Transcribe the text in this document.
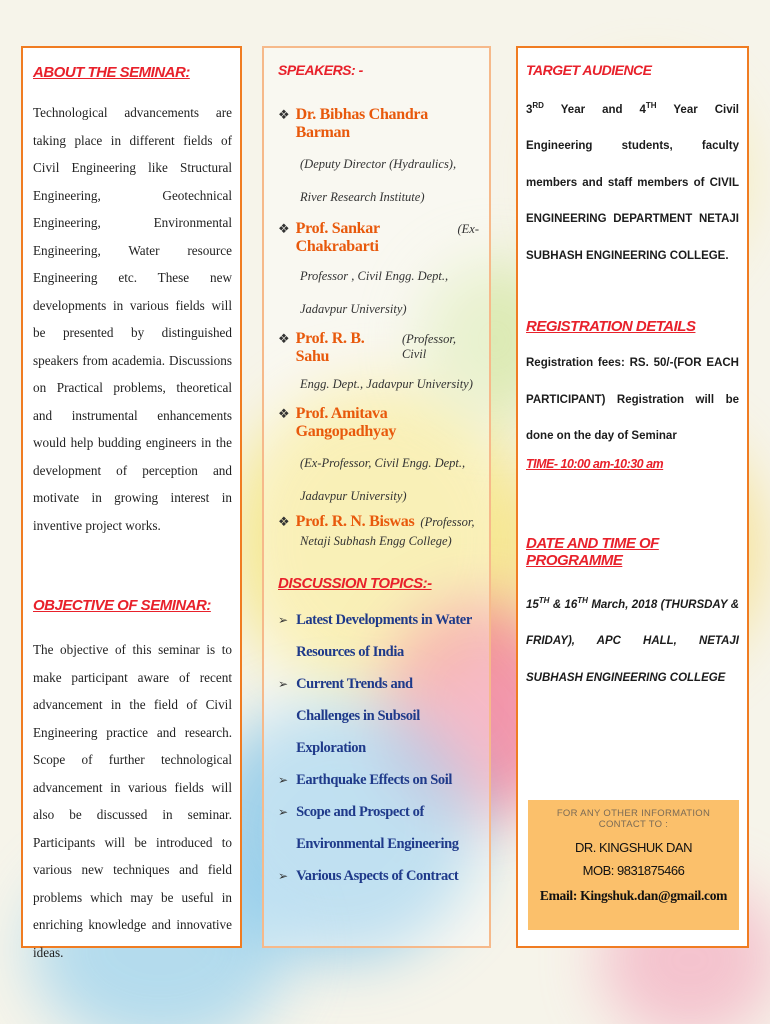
ABOUT THE SEMINAR:

Technological advancements are taking place in different fields of Civil Engineering like Structural Engineering, Geotechnical Engineering, Environmental Engineering, Water resource Engineering etc. These new developments in various fields will be presented by distinguished speakers from academia. Discussions on Practical problems, theoretical and instrumental enhancements would help budding engineers in the development of perception and motivate in growing interest in inventive project works.

OBJECTIVE OF SEMINAR:

The objective of this seminar is to make participant aware of recent advancement in the field of Civil Engineering practice and research. Scope of further technological advancement in various fields will also be discussed in seminar. Participants will be introduced to various new techniques and field problems which may be useful in enriching knowledge and innovative ideas.

SPEAKERS: -
❖ Dr. Bibhas Chandra Barman

(Deputy Director (Hydraulics), River Research Institute)

❖ Prof. Sankar Chakrabarti
(Ex-

Professor , Civil Engg. Dept., Jadavpur University)

❖ Prof. R. B. Sahu
(Professor, Civil

Engg. Dept., Jadavpur University)

❖ Prof. Amitava Gangopadhyay

(Ex-Professor, Civil Engg. Dept., Jadavpur University)

❖ Prof. R. N. Biswas (Professor,

Netaji Subhash Engg College)

DISCUSSION TOPICS:-
➢ Latest Developments in Water Resources of India
➢ Current Trends and Challenges in Subsoil Exploration
➢ Earthquake Effects on Soil
➢ Scope and Prospect of Environmental Engineering
➢ Various Aspects of Contract
TARGET AUDIENCE

3RD Year and 4TH Year Civil Engineering	students, faculty members and staff members of CIVIL ENGINEERING DEPARTMENT NETAJI SUBHASH ENGINEERING COLLEGE.

REGISTRATION DETAILS

Registration fees: RS. 50/-(FOR EACH PARTICIPANT) Registration will be done on the day of Seminar

TIME- 10:00 am-10:30 am
DATE AND TIME OF PROGRAMME

15TH & 16TH March, 2018 (THURSDAY & FRIDAY), APC HALL, NETAJI SUBHASH ENGINEERING COLLEGE

FOR ANY OTHER INFORMATION CONTACT TO :
DR. KINGSHUK DAN
MOB: 9831875466
Email: Kingshuk.dan@gmail.com
